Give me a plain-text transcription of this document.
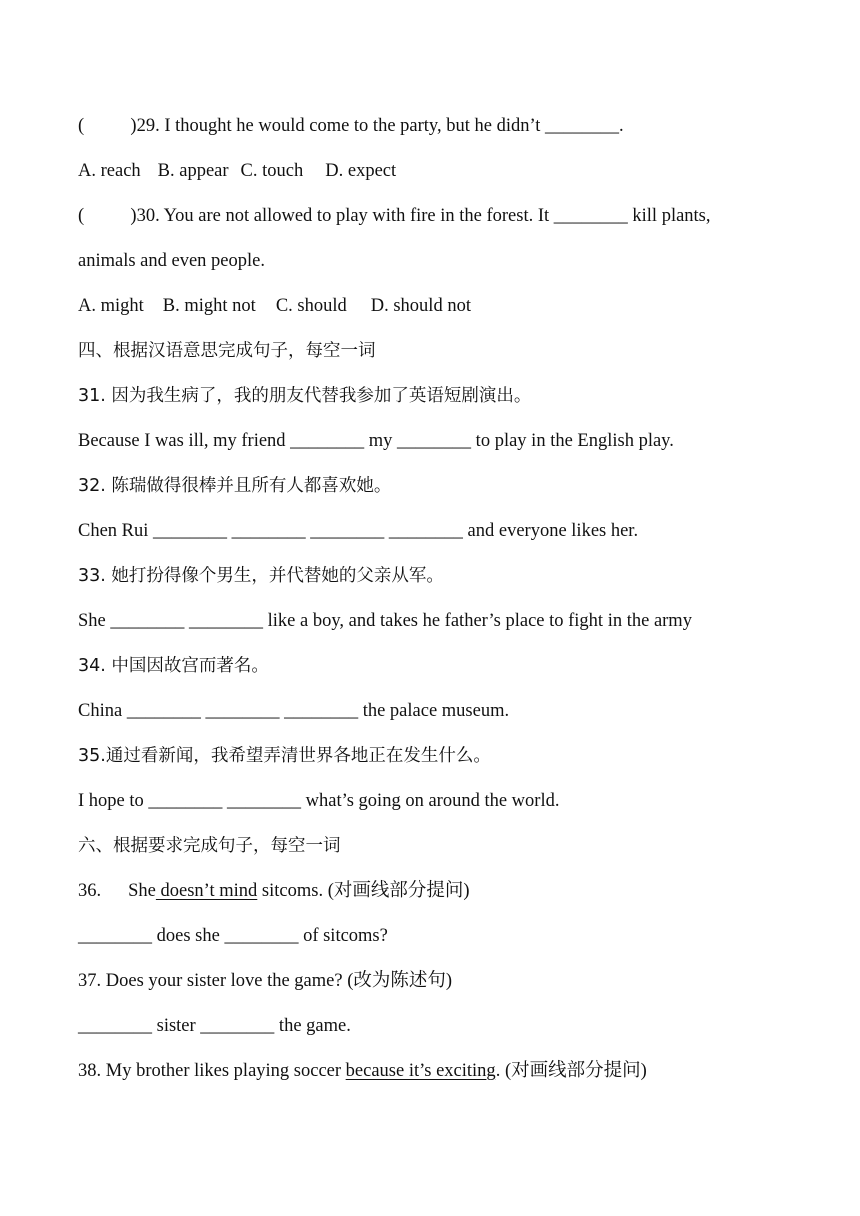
(          )29. I thought he would come to the party, but he didn’t ________.
A. reach B. appear C. touch D. expect
(          )30. You are not allowed to play with fire in the forest. It ________ kill plants,
animals and even people.
A. might B. might not C. should D. should not
四、根据汉语意思完成句子，每空一词
31. 因为我生病了，我的朋友代替我参加了英语短剧演出。
Because I was ill, my friend ________ my ________ to play in the English play.
32. 陈瑞做得很棒并且所有人都喜欢她。
Chen Rui ________ ________ ________ ________ and everyone likes her.
33. 她打扮得像个男生，并代替她的父亲从军。
She ________ ________ like a boy, and takes he father’s place to fight in the army
34. 中国因故宫而著名。
China ________ ________ ________ the palace museum.
35.通过看新闻，我希望弄清世界各地正在发生什么。
I hope to ________ ________ what’s going on around the world.
六、根据要求完成句子，每空一词
36. She doesn’t mind sitcoms. (对画线部分提问)
________ does she ________ of sitcoms?
37. Does your sister love the game? (改为陈述句)
________ sister ________ the game.
38. My brother likes playing soccer because it’s exciting. (对画线部分提问)
